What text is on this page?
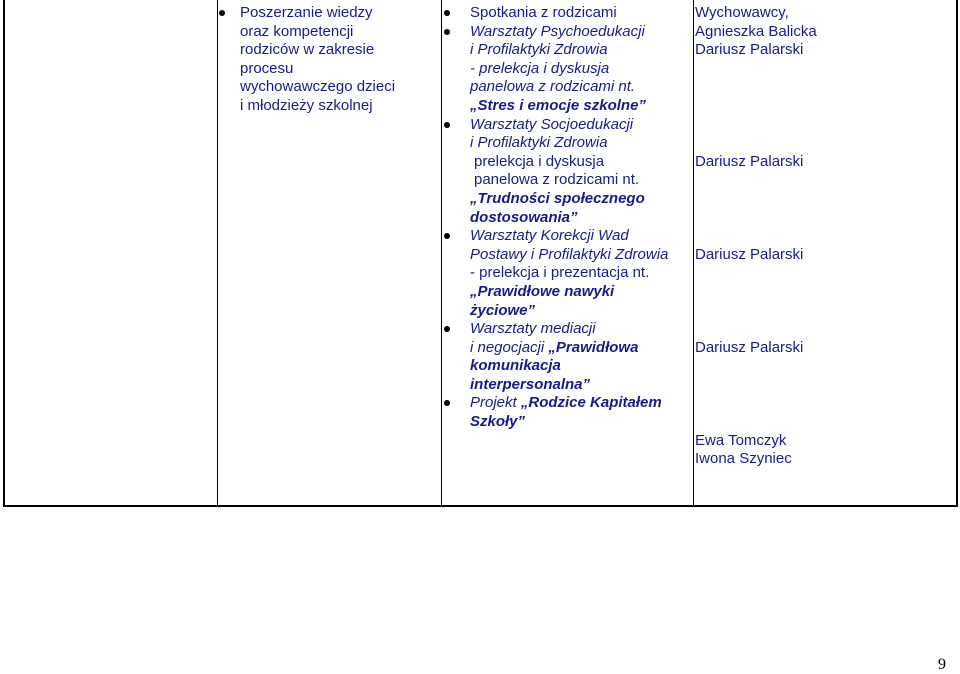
Poszerzanie wiedzy
oraz kompetencji
rodziców w zakresie
procesu
wychowawczego dzieci
i młodzieży szkolnej
Spotkania z rodzicami
Warsztaty Psychoedukacji
i Profilaktyki Zdrowia
- prelekcja i dyskusja
panelowa z rodzicami nt.
„Stres i emocje szkolne”
Warsztaty Socjoedukacji
i Profilaktyki Zdrowia
prelekcja i dyskusja
panelowa z rodzicami nt.
„Trudności społecznego
dostosowania”
Warsztaty Korekcji Wad
Postawy i Profilaktyki Zdrowia
- prelekcja i prezentacja nt.
„Prawidłowe nawyki
życiowe”
Warsztaty mediacji
i negocjacji „Prawidłowa
komunikacja
interpersonalna”
Projekt „Rodzice Kapitałem
Szkoły”
Wychowawcy,
Agnieszka Balicka
Dariusz Palarski
Dariusz Palarski
Dariusz Palarski
Dariusz Palarski
Ewa Tomczyk
Iwona Szyniec
9
